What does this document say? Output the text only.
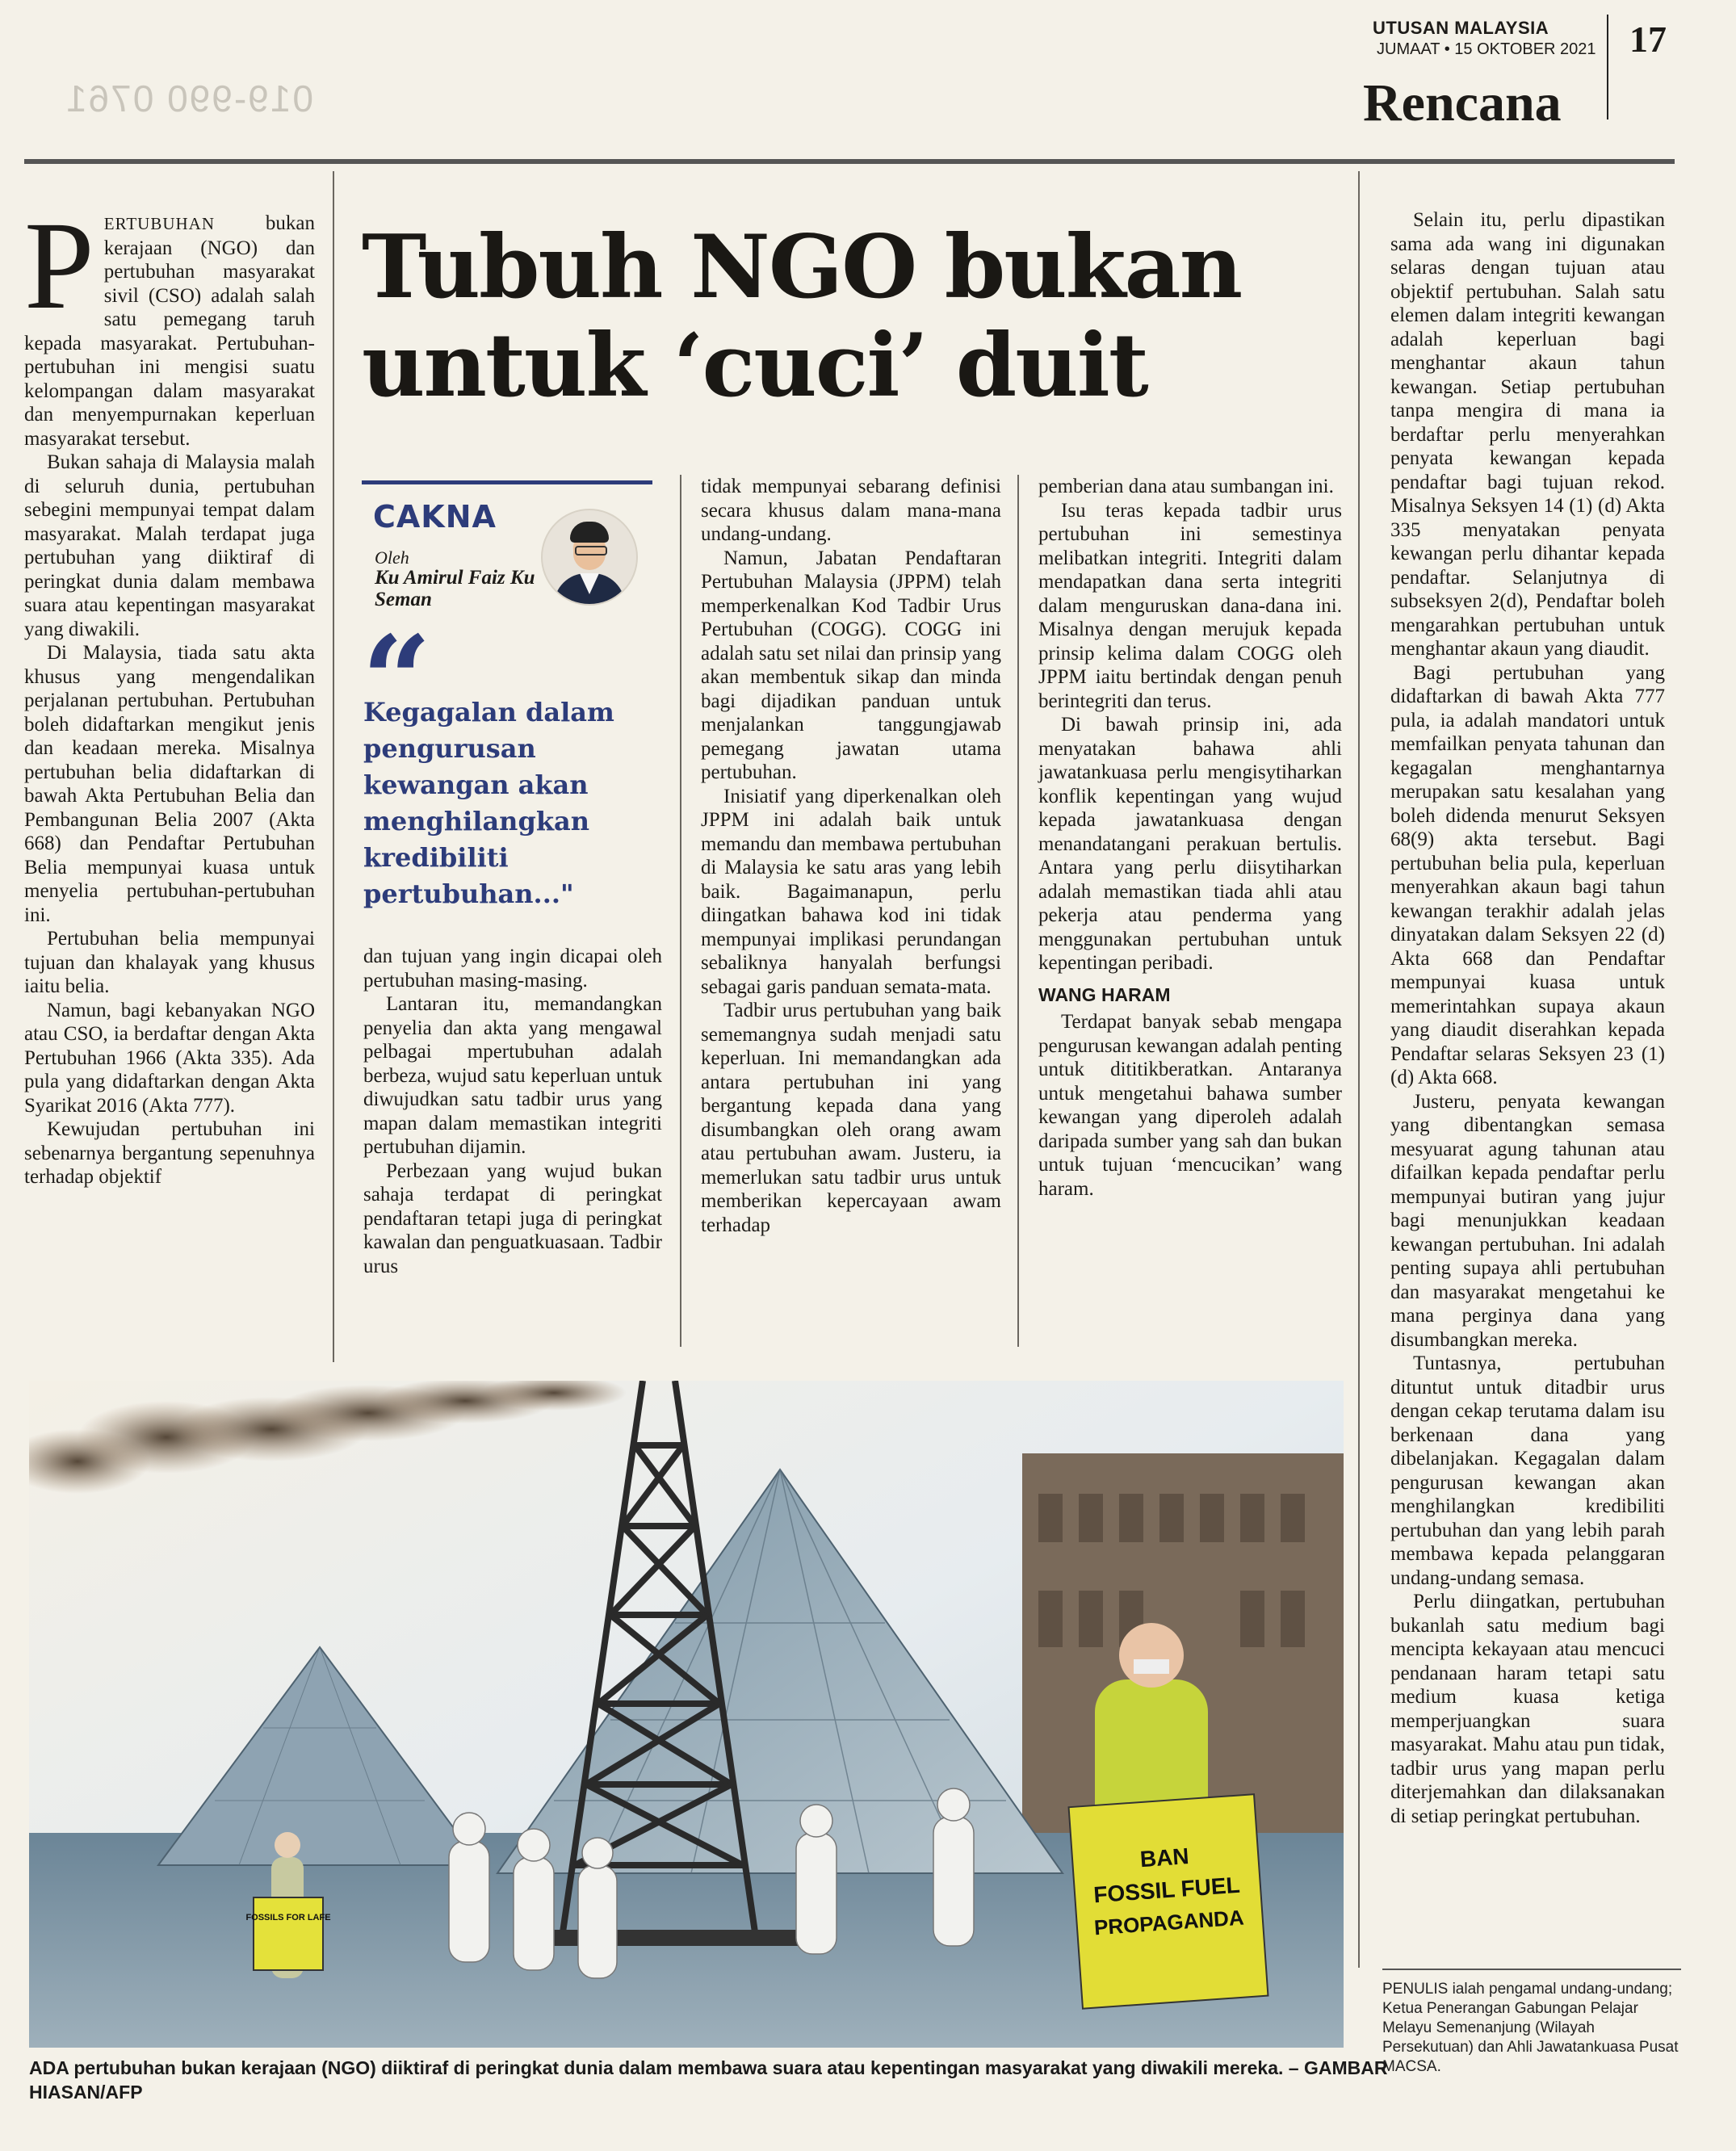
019-990 0761
UTUSAN MALAYSIA
JUMAAT • 15 OKTOBER 2021 17
Rencana
Tubuh NGO bukan
untuk ‘cuci’ duit
CAKNA
Oleh
Ku Amirul Faiz Ku Seman
“
Kegagalan dalam pengurusan kewangan akan menghilangkan kredibiliti pertubuhan..."

PERTUBUHAN bukan kerajaan (NGO) dan pertubuhan masyarakat sivil (CSO) adalah salah satu pemegang taruh kepada masyarakat. Pertubuhan-pertubuhan ini mengisi suatu kelompangan dalam masyarakat dan menyempurnakan keperluan masyarakat tersebut.

Bukan sahaja di Malaysia malah di seluruh dunia, pertubuhan sebegini mempunyai tempat dalam masyarakat. Malah terdapat juga pertubuhan yang diiktiraf di peringkat dunia dalam membawa suara atau kepentingan masyarakat yang diwakili.

Di Malaysia, tiada satu akta khusus yang mengendalikan perjalanan pertubuhan. Pertubuhan boleh didaftarkan mengikut jenis dan keadaan mereka. Misalnya pertubuhan belia didaftarkan di bawah Akta Pertubuhan Belia dan Pembangunan Belia 2007 (Akta 668) dan Pendaftar Pertubuhan Belia mempunyai kuasa untuk menyelia pertubuhan-pertubuhan ini.

Pertubuhan belia mempunyai tujuan dan khalayak yang khusus iaitu belia.

Namun, bagi kebanyakan NGO atau CSO, ia berdaftar dengan Akta Pertubuhan 1966 (Akta 335). Ada pula yang didaftarkan dengan Akta Syarikat 2016 (Akta 777).

Kewujudan pertubuhan ini sebenarnya bergantung sepenuhnya terhadap objektif

dan tujuan yang ingin dicapai oleh pertubuhan masing-masing.

Lantaran itu, memandangkan penyelia dan akta yang mengawal pelbagai mpertubuhan adalah berbeza, wujud satu keperluan untuk diwujudkan satu tadbir urus yang mapan dalam memastikan integriti pertubuhan dijamin.

Perbezaan yang wujud bukan sahaja terdapat di peringkat pendaftaran tetapi juga di peringkat kawalan dan penguatkuasaan. Tadbir urus

tidak mempunyai sebarang definisi secara khusus dalam mana-mana undang-undang.

Namun, Jabatan Pendaftaran Pertubuhan Malaysia (JPPM) telah memperkenalkan Kod Tadbir Urus Pertubuhan (COGG). COGG ini adalah satu set nilai dan prinsip yang akan membentuk sikap dan minda bagi dijadikan panduan untuk menjalankan tanggungjawab pemegang jawatan utama pertubuhan.

Inisiatif yang diperkenalkan oleh JPPM ini adalah baik untuk memandu dan membawa pertubuhan di Malaysia ke satu aras yang lebih baik. Bagaimanapun, perlu diingatkan bahawa kod ini tidak mempunyai implikasi perundangan sebaliknya hanyalah berfungsi sebagai garis panduan semata-mata.

Tadbir urus pertubuhan yang baik sememangnya sudah menjadi satu keperluan. Ini memandangkan ada antara pertubuhan ini yang bergantung kepada dana yang disumbangkan oleh orang awam atau pertubuhan awam. Justeru, ia memerlukan satu tadbir urus untuk memberikan kepercayaan awam terhadap

pemberian dana atau sumbangan ini.

Isu teras kepada tadbir urus pertubuhan ini semestinya melibatkan integriti. Integriti dalam mendapatkan dana serta integriti dalam menguruskan dana-dana ini. Misalnya dengan merujuk kepada prinsip kelima dalam COGG oleh JPPM iaitu bertindak dengan penuh berintegriti dan terus.

Di bawah prinsip ini, ada menyatakan bahawa ahli jawatankuasa perlu mengisytiharkan konflik kepentingan yang wujud kepada jawatankuasa dengan menandatangani perakuan bertulis. Antara yang perlu diisytiharkan adalah memastikan tiada ahli atau pekerja atau penderma yang menggunakan pertubuhan untuk kepentingan peribadi.

WANG HARAM

Terdapat banyak sebab mengapa pengurusan kewangan adalah penting untuk dititikberatkan. Antaranya untuk mengetahui bahawa sumber kewangan yang diperoleh adalah daripada sumber yang sah dan bukan untuk tujuan ‘mencucikan’ wang haram.

Selain itu, perlu dipastikan sama ada wang ini digunakan selaras dengan tujuan atau objektif pertubuhan. Salah satu elemen dalam integriti kewangan adalah keperluan bagi menghantar akaun tahun kewangan. Setiap pertubuhan tanpa mengira di mana ia berdaftar perlu menyerahkan penyata kewangan kepada pendaftar bagi tujuan rekod. Misalnya Seksyen 14 (1) (d) Akta 335 menyatakan penyata kewangan perlu dihantar kepada pendaftar. Selanjutnya di subseksyen 2(d), Pendaftar boleh mengarahkan pertubuhan untuk menghantar akaun yang diaudit.

Bagi pertubuhan yang didaftarkan di bawah Akta 777 pula, ia adalah mandatori untuk memfailkan penyata tahunan dan kegagalan menghantarnya merupakan satu kesalahan yang boleh didenda menurut Seksyen 68(9) akta tersebut. Bagi pertubuhan belia pula, keperluan menyerahkan akaun bagi tahun kewangan terakhir adalah jelas dinyatakan dalam Seksyen 22 (d) Akta 668 dan Pendaftar mempunyai kuasa untuk memerintahkan supaya akaun yang diaudit diserahkan kepada Pendaftar selaras Seksyen 23 (1)(d) Akta 668.

Justeru, penyata kewangan yang dibentangkan semasa mesyuarat agung tahunan atau difailkan kepada pendaftar perlu mempunyai butiran yang jujur bagi menunjukkan keadaan kewangan pertubuhan. Ini adalah penting supaya ahli pertubuhan dan masyarakat mengetahui ke mana perginya dana yang disumbangkan mereka.

Tuntasnya, pertubuhan dituntut untuk ditadbir urus dengan cekap terutama dalam isu berkenaan dana yang dibelanjakan. Kegagalan dalam pengurusan kewangan akan menghilangkan kredibiliti pertubuhan dan yang lebih parah membawa kepada pelanggaran undang-undang semasa.

Perlu diingatkan, pertubuhan bukanlah satu medium bagi mencipta kekayaan atau mencuci pendanaan haram tetapi satu medium kuasa ketiga memperjuangkan suara masyarakat. Mahu atau pun tidak, tadbir urus yang mapan perlu diterjemahkan dan dilaksanakan di setiap peringkat pertubuhan.

PENULIS ialah pengamal undang-undang; Ketua Penerangan Gabungan Pelajar Melayu Semenanjung (Wilayah Persekutuan) dan Ahli Jawatankuasa Pusat MACSA.
FOSSILS FOR LAFE
BAN
FOSSIL FUEL
PROPAGANDA
ADA pertubuhan bukan kerajaan (NGO) diiktiraf di peringkat dunia dalam membawa suara atau kepentingan masyarakat yang diwakili mereka. – GAMBAR HIASAN/AFP
